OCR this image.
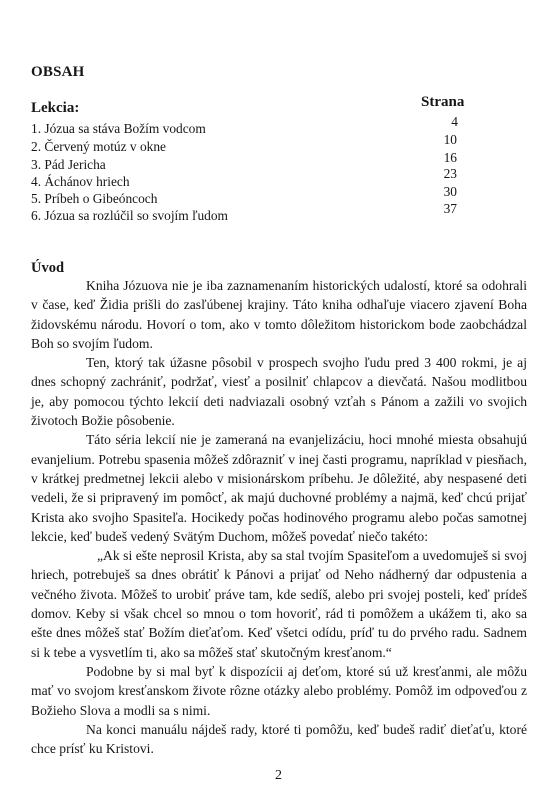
OBSAH
Lekcia:	Strana
1. Józua sa stáva Božím vodcom
2. Červený motúz v okne
3. Pád Jericha
4. Áchánov hriech
5. Príbeh o Gibeóncoch
6. Józua sa rozlúčil so svojím ľudom
4
10
16
23
30
37
Úvod

Kniha Józuova nie je iba zaznamenaním historických udalostí, ktoré sa odohrali v čase, keď Židia prišli do zasľúbenej krajiny. Táto kniha odhaľuje viacero zjavení Boha židovskému národu. Hovorí o tom, ako v tomto dôležitom historickom bode zaobchádzal Boh so svojím ľudom.

Ten, ktorý tak úžasne pôsobil v prospech svojho ľudu pred 3 400 rokmi, je aj dnes schopný zachrániť, podržať, viesť a posilniť chlapcov a dievčatá. Našou modlitbou je, aby pomocou týchto lekcií deti nadviazali osobný vzťah s Pánom a zažili vo svojich životoch Božie pôsobenie.

Táto séria lekcií nie je zameraná na evanjelizáciu, hoci mnohé miesta obsahujú evanjelium. Potrebu spasenia môžeš zdôrazniť v inej časti programu, napríklad v piesňach, v krátkej predmetnej lekcii alebo v misionárskom príbehu. Je dôležité, aby nespasené deti vedeli, že si pripravený im pomôcť, ak majú duchovné problémy a najmä, keď chcú prijať Krista ako svojho Spasiteľa. Hocikedy počas hodinového programu alebo počas samotnej lekcie, keď budeš vedený Svätým Duchom, môžeš povedať niečo takéto:

„Ak si ešte neprosil Krista, aby sa stal tvojím Spasiteľom a uvedomuješ si svoj hriech, potrebuješ sa dnes obrátiť k Pánovi a prijať od Neho nádherný dar odpustenia a večného života. Môžeš to urobiť práve tam, kde sedíš, alebo pri svojej posteli, keď prídeš domov. Keby si však chcel so mnou o tom hovoriť, rád ti pomôžem a ukážem ti, ako sa ešte dnes môžeš stať Božím dieťaťom. Keď všetci odídu, príď tu do prvého radu. Sadnem si k tebe a vysvetlím ti, ako sa môžeš stať skutočným kresťanom.“

Podobne by si mal byť k dispozícii aj deťom, ktoré sú už kresťanmi, ale môžu mať vo svojom kresťanskom živote rôzne otázky alebo problémy. Pomôž im odpoveďou z Božieho Slova a modli sa s nimi.

Na konci manuálu nájdeš rady, ktoré ti pomôžu, keď budeš radiť dieťaťu, ktoré chce prísť ku Kristovi.

2
